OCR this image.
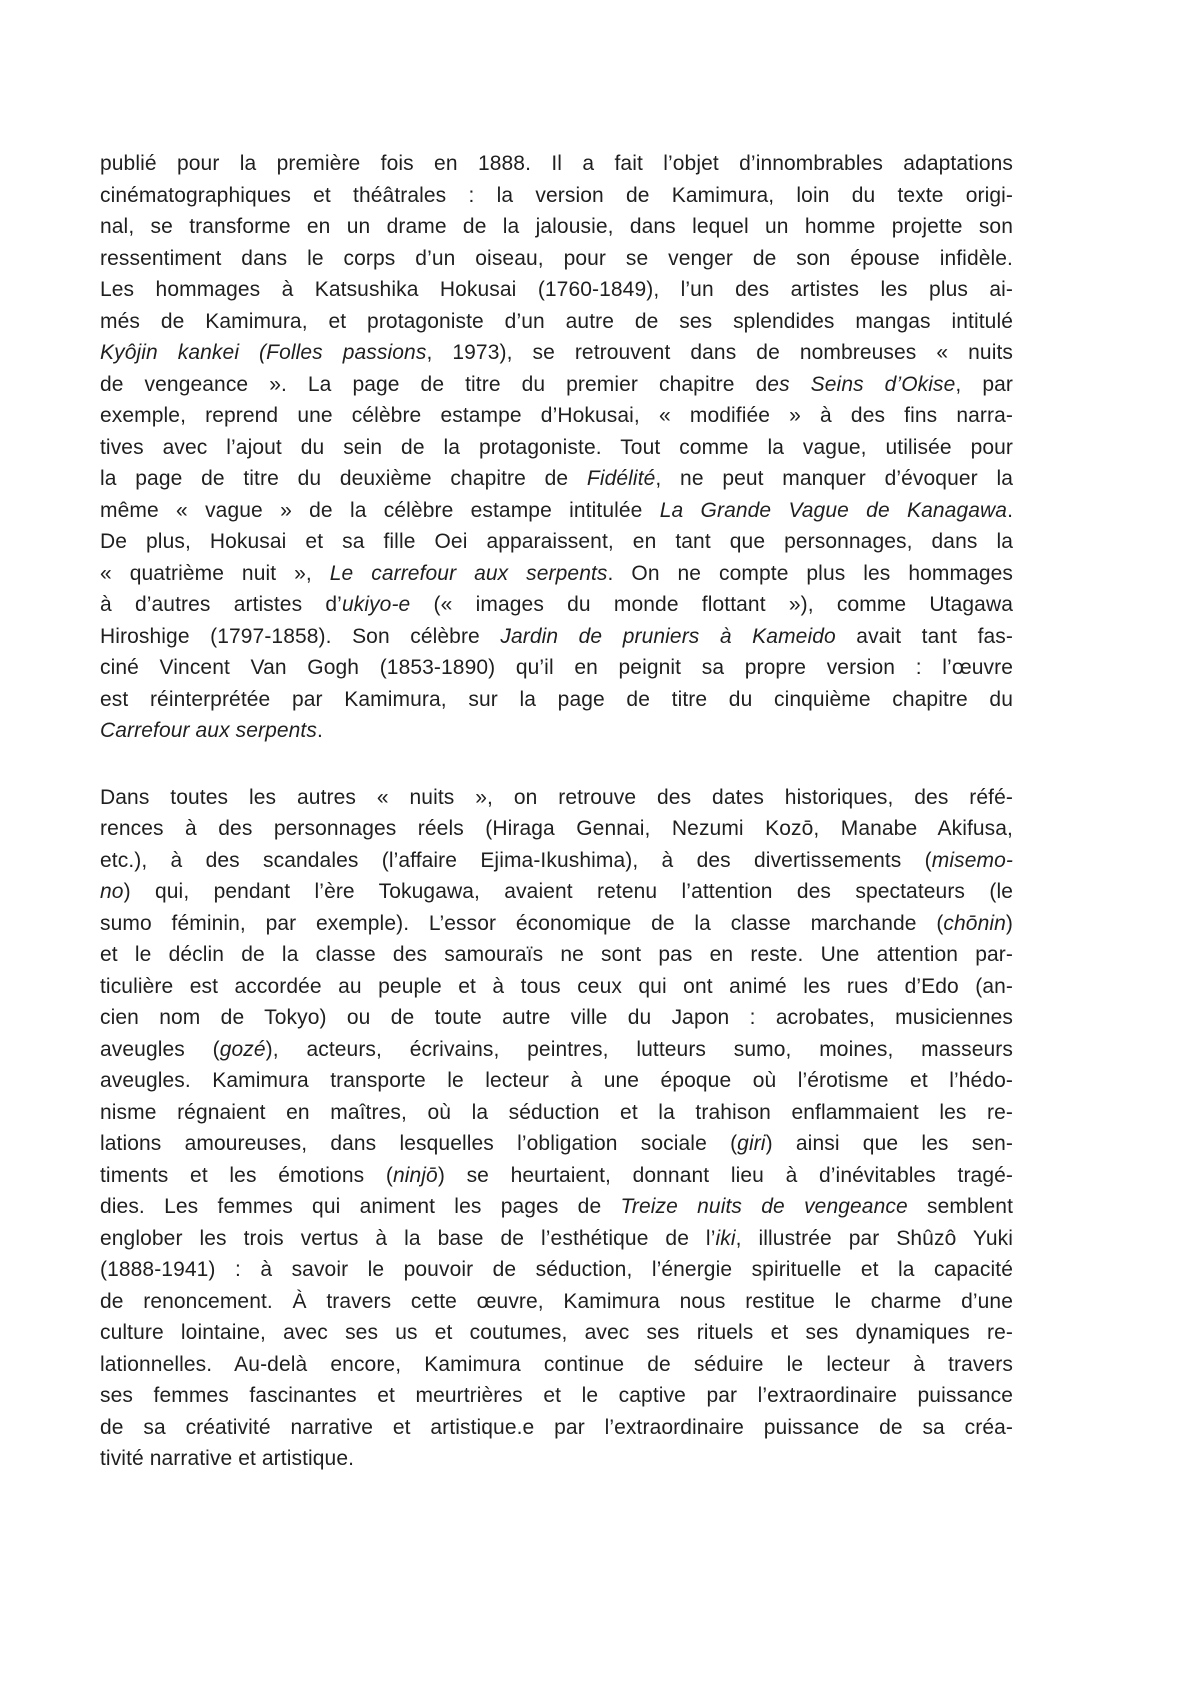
publié pour la première fois en 1888. Il a fait l’objet d’innombrables adaptations
cinématographiques et théâtrales : la version de Kamimura, loin du texte origi-
nal, se transforme en un drame de la jalousie, dans lequel un homme projette son
ressentiment dans le corps d’un oiseau, pour se venger de son épouse infidèle.
Les hommages à Katsushika Hokusai (1760-1849), l’un des artistes les plus ai-
més de Kamimura, et protagoniste d’un autre de ses splendides mangas intitulé
Kyôjin kankei (Folles passions, 1973), se retrouvent dans de nombreuses « nuits
de vengeance ». La page de titre du premier chapitre des Seins d’Okise, par
exemple, reprend une célèbre estampe d’Hokusai, « modifiée » à des fins narra-
tives avec l’ajout du sein de la protagoniste. Tout comme la vague, utilisée pour
la page de titre du deuxième chapitre de Fidélité, ne peut manquer d’évoquer la
même « vague » de la célèbre estampe intitulée La Grande Vague de Kanagawa.
De plus, Hokusai et sa fille Oei apparaissent, en tant que personnages, dans la
« quatrième nuit », Le carrefour aux serpents. On ne compte plus les hommages
à d’autres artistes d’ukiyo-e (« images du monde flottant »), comme Utagawa
Hiroshige (1797-1858). Son célèbre Jardin de pruniers à Kameido avait tant fas-
ciné Vincent Van Gogh (1853-1890) qu’il en peignit sa propre version : l’œuvre
est réinterprétée par Kamimura, sur la page de titre du cinquième chapitre du
Carrefour aux serpents.

Dans toutes les autres « nuits », on retrouve des dates historiques, des réfé-
rences à des personnages réels (Hiraga Gennai, Nezumi Kozō, Manabe Akifusa,
etc.), à des scandales (l’affaire Ejima-Ikushima), à des divertissements (misemo-
no) qui, pendant l’ère Tokugawa, avaient retenu l’attention des spectateurs (le
sumo féminin, par exemple). L’essor économique de la classe marchande (chōnin)
et le déclin de la classe des samouraïs ne sont pas en reste. Une attention par-
ticulière est accordée au peuple et à tous ceux qui ont animé les rues d’Edo (an-
cien nom de Tokyo) ou de toute autre ville du Japon : acrobates, musiciennes
aveugles (gozé), acteurs, écrivains, peintres, lutteurs sumo, moines, masseurs
aveugles. Kamimura transporte le lecteur à une époque où l’érotisme et l’hédo-
nisme régnaient en maîtres, où la séduction et la trahison enflammaient les re-
lations amoureuses, dans lesquelles l’obligation sociale (giri) ainsi que les sen-
timents et les émotions (ninjō) se heurtaient, donnant lieu à d’inévitables tragé-
dies. Les femmes qui animent les pages de Treize nuits de vengeance semblent
englober les trois vertus à la base de l’esthétique de l’iki, illustrée par Shûzô Yuki
(1888-1941) : à savoir le pouvoir de séduction, l’énergie spirituelle et la capacité
de renoncement. À travers cette œuvre, Kamimura nous restitue le charme d’une
culture lointaine, avec ses us et coutumes, avec ses rituels et ses dynamiques re-
lationnelles. Au-delà encore, Kamimura continue de séduire le lecteur à travers
ses femmes fascinantes et meurtrières et le captive par l’extraordinaire puissance
de sa créativité narrative et artistique.e par l’extraordinaire puissance de sa créa-
tivité narrative et artistique.
